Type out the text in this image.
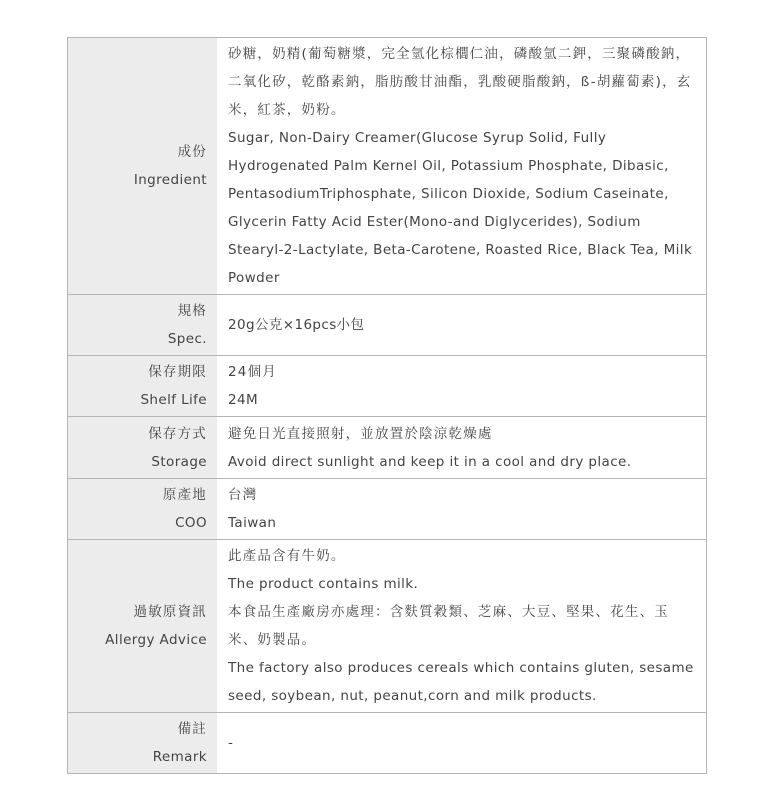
成份
Ingredient

砂糖，奶精(葡萄糖漿，完全氫化棕櫚仁油，磷酸氫二鉀，三聚磷酸鈉，二氧化矽，乾酪素鈉，脂肪酸甘油酯，乳酸硬脂酸鈉，ß-胡蘿蔔素)，玄米，紅茶，奶粉。

Sugar, Non-Dairy Creamer(Glucose Syrup Solid, Fully Hydrogenated Palm Kernel Oil, Potassium Phosphate, Dibasic, PentasodiumTriphosphate, Silicon Dioxide, Sodium Caseinate, Glycerin Fatty Acid Ester(Mono-and Diglycerides), Sodium Stearyl-2-Lactylate, Beta-Carotene, Roasted Rice, Black Tea, Milk Powder

規格
Spec.

20g公克×16pcs小包

保存期限
Shelf Life

24個月

24M

保存方式
Storage

避免日光直接照射，並放置於陰涼乾燥處

Avoid direct sunlight and keep it in a cool and dry place.

原產地
COO

台灣

Taiwan

過敏原資訊
Allergy Advice

此產品含有牛奶。

The product contains milk.

本食品生產廠房亦處理：含麩質穀類、芝麻、大豆、堅果、花生、玉米、奶製品。

The factory also produces cereals which contains gluten, sesame seed, soybean, nut, peanut,corn and milk products.

備註
Remark

-
